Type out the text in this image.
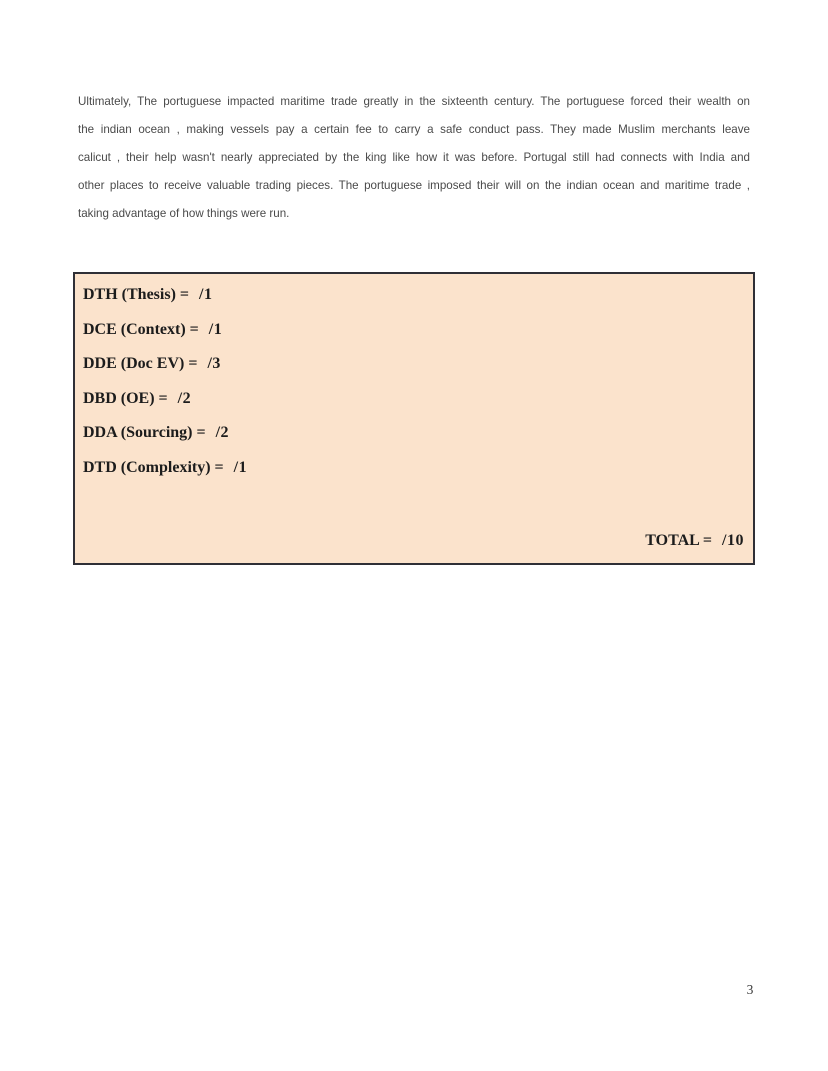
Ultimately, The portuguese impacted maritime trade greatly in the sixteenth century. The portuguese forced their wealth on
the indian ocean , making vessels pay a certain fee to carry a safe conduct pass. They made Muslim merchants leave
calicut , their help wasn't nearly appreciated by the king like how it was before. Portugal still had connects with India and
other places to receive valuable trading pieces. The portuguese imposed their will on the indian ocean and maritime trade ,
taking advantage of how things were run.
DTH (Thesis) = /1
DCE (Context) = /1
DDE (Doc EV) = /3
DBD (OE) = /2
DDA (Sourcing) = /2
DTD (Complexity) = /1
TOTAL = /10
3
